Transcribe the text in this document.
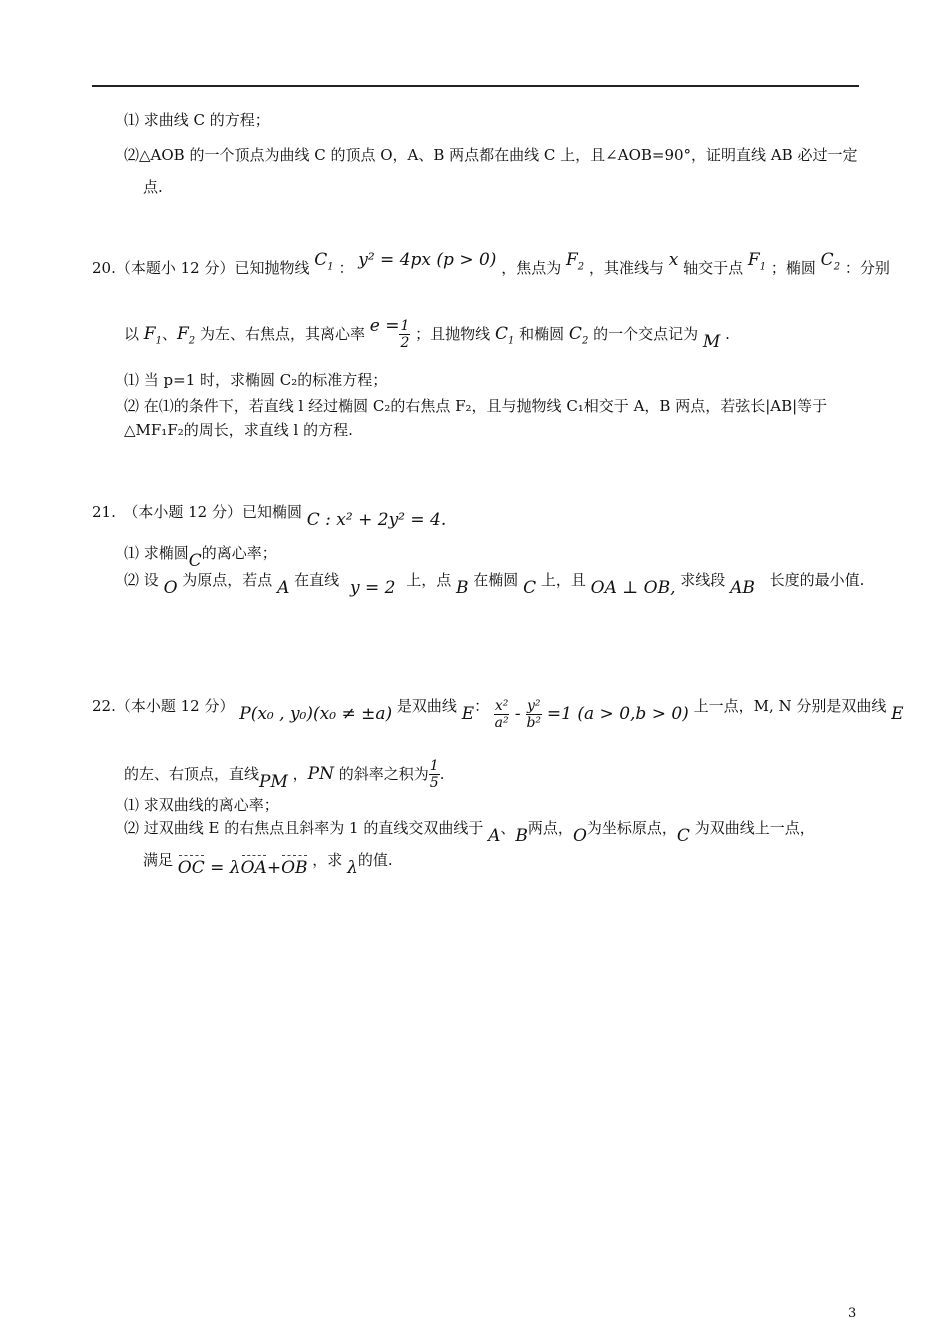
⑴ 求曲线 C 的方程；
⑵△AOB 的一个顶点为曲线 C 的顶点 O，A、B 两点都在曲线 C 上，且∠AOB=90°，证明直线 AB 必过一定
点.
20.（本题小 12 分）已知抛物线 $C_1$ ： y² = 4px (p > 0) ，焦点为 $F_2$ ，其准线与 x 轴交于点 $F_1$ ；椭圆 $C_2$ ：分别
以 $F_1$、$F_2$ 为左、右焦点，其离心率 $e = \frac{1}{2}$ ；且抛物线 $C_1$ 和椭圆 $C_2$ 的一个交点记为 M .
⑴ 当 p=1 时，求椭圆 C₂的标准方程；
⑵ 在⑴的条件下，若直线 l 经过椭圆 C₂的右焦点 F₂，且与抛物线 C₁相交于 A，B 两点，若弦长|AB|等于
△MF₁F₂的周长，求直线 l 的方程.
21.　（本小题 12 分）已知椭圆 C : x² + 2y² = 4.
⑴ 求椭圆C的离心率；
⑵ 设 O 为原点，若点 A 在直线 y = 2 上，点 B 在椭圆 C 上，且 OA ⊥ OB, 求线段 AB 长度的最小值.
22.（本小题 12 分） P(x₀ , y₀)(x₀ ≠ ±a) 是双曲线 E： $\frac{\text{x²}}{\text{a²}} - \frac{\text{y²}}{\text{b²}} =1$ (a > 0,b > 0) 上一点，M, N 分别是双曲线 E
的左、右顶点，直线PM ，PN 的斜率之积为 $\frac{1}{5}$ .
⑴ 求双曲线的离心率；
⑵ 过双曲线 E 的右焦点且斜率为 1 的直线交双曲线于 A、B两点，O为坐标原点，C 为双曲线上一点，
满足 OC = λOA+OB ，求 λ的值.
3
